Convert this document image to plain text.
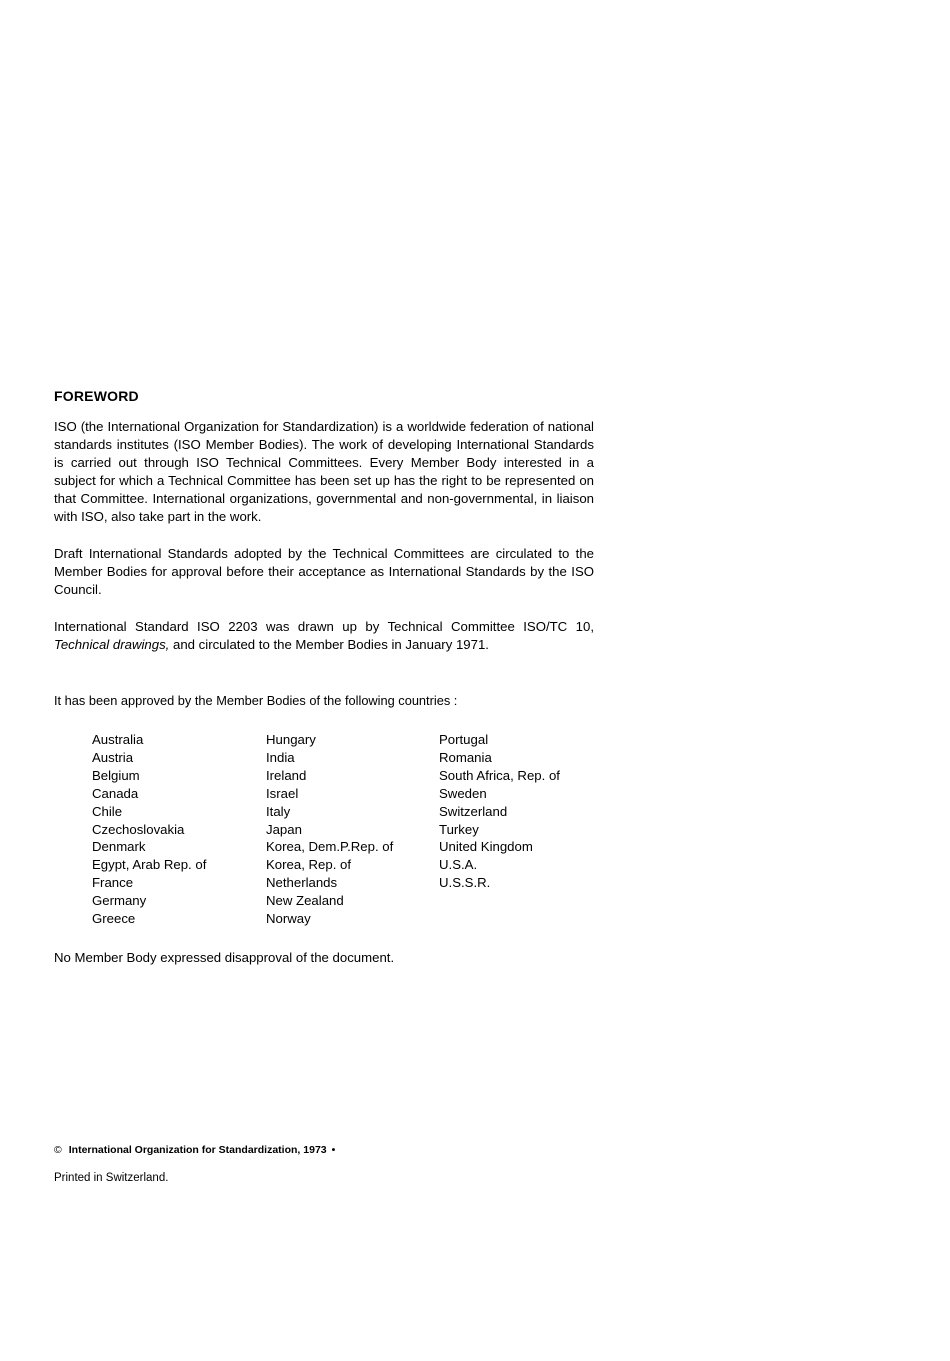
FOREWORD

ISO (the International Organization for Standardization) is a worldwide federation of national standards institutes (ISO Member Bodies). The work of developing International Standards is carried out through ISO Technical Committees. Every Member Body interested in a subject for which a Technical Committee has been set up has the right to be represented on that Committee. International organizations, governmental and non-governmental, in liaison with ISO, also take part in the work.

Draft International Standards adopted by the Technical Committees are circulated to the Member Bodies for approval before their acceptance as International Standards by the ISO Council.

International Standard ISO 2203 was drawn up by Technical Committee ISO/TC 10, Technical drawings, and circulated to the Member Bodies in January 1971.

It has been approved by the Member Bodies of the following countries :

Australia
Austria
Belgium
Canada
Chile
Czechoslovakia
Denmark
Egypt, Arab Rep. of
France
Germany
Greece
Hungary
India
Ireland
Israel
Italy
Japan
Korea, Dem.P.Rep. of
Korea, Rep. of
Netherlands
New Zealand
Norway
Portugal
Romania
South Africa, Rep. of
Sweden
Switzerland
Turkey
United Kingdom
U.S.A.
U.S.S.R.

No Member Body expressed disapproval of the document.

© International Organization for Standardization, 1973 •

Printed in Switzerland.
